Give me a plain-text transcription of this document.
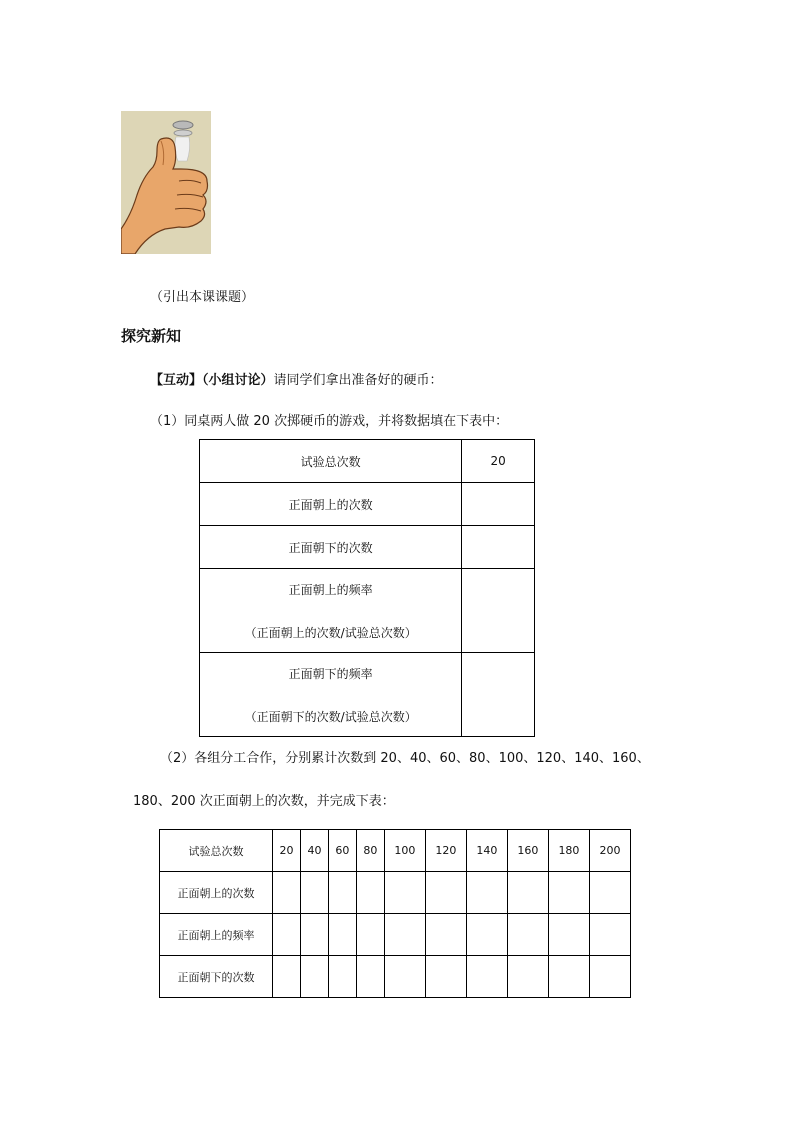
（引出本课课题）
探究新知
【互动】（小组讨论）请同学们拿出准备好的硬币：
（1）同桌两人做 20 次掷硬币的游戏，并将数据填在下表中：
试验总次数	20
正面朝上的次数	
正面朝下的次数	

正面朝上的频率
（正面朝上的次数/试验总次数）	

正面朝下的频率
（正面朝下的次数/试验总次数）	

（2）各组分工合作，分别累计次数到 20、40、60、80、100、120、140、160、
180、200 次正面朝上的次数，并完成下表：
试验总次数	20	40	60	80	100	120	140	160	180	200
正面朝上的次数										
正面朝上的频率										
正面朝下的次数										
